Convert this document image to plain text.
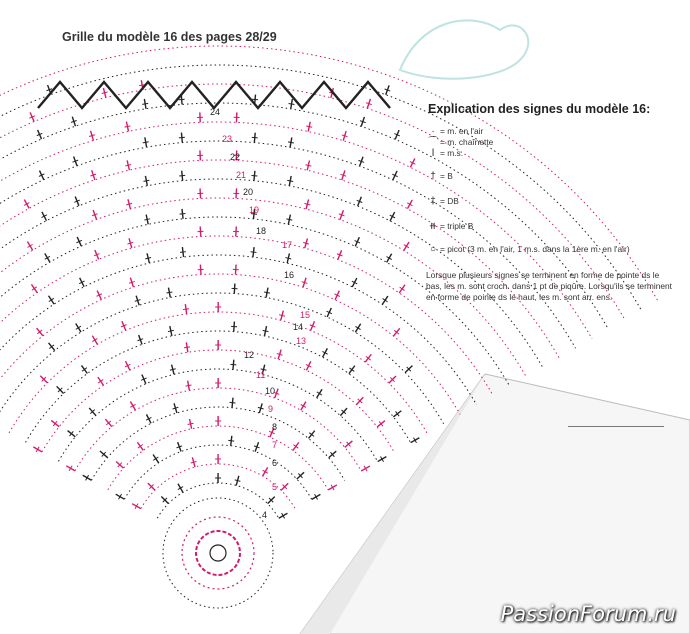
24
23
22
21
20
19
18
17
16
15
14
13
12
11
10
9
8
7
6
5
4
Grille du modèle 16 des pages 28/29
Explication des signes du modèle 16:
· = m. en l'air
⌒ = m. chaînette
ǀ = m.s.
† = B
‡ = DB
⧺ = triple B
○ = picot (3 m. en l'air, 1 m.s. dans la 1ère m. en l'air)
Lorsque plusieurs signes se terminent en forme de pointe ds le bas, les m. sont croch. dans 1 pt de piqûre. Lorsqu'ils se terminent en forme de pointe ds le haut, les m. sont arr. ens.
PassionForum.ru
